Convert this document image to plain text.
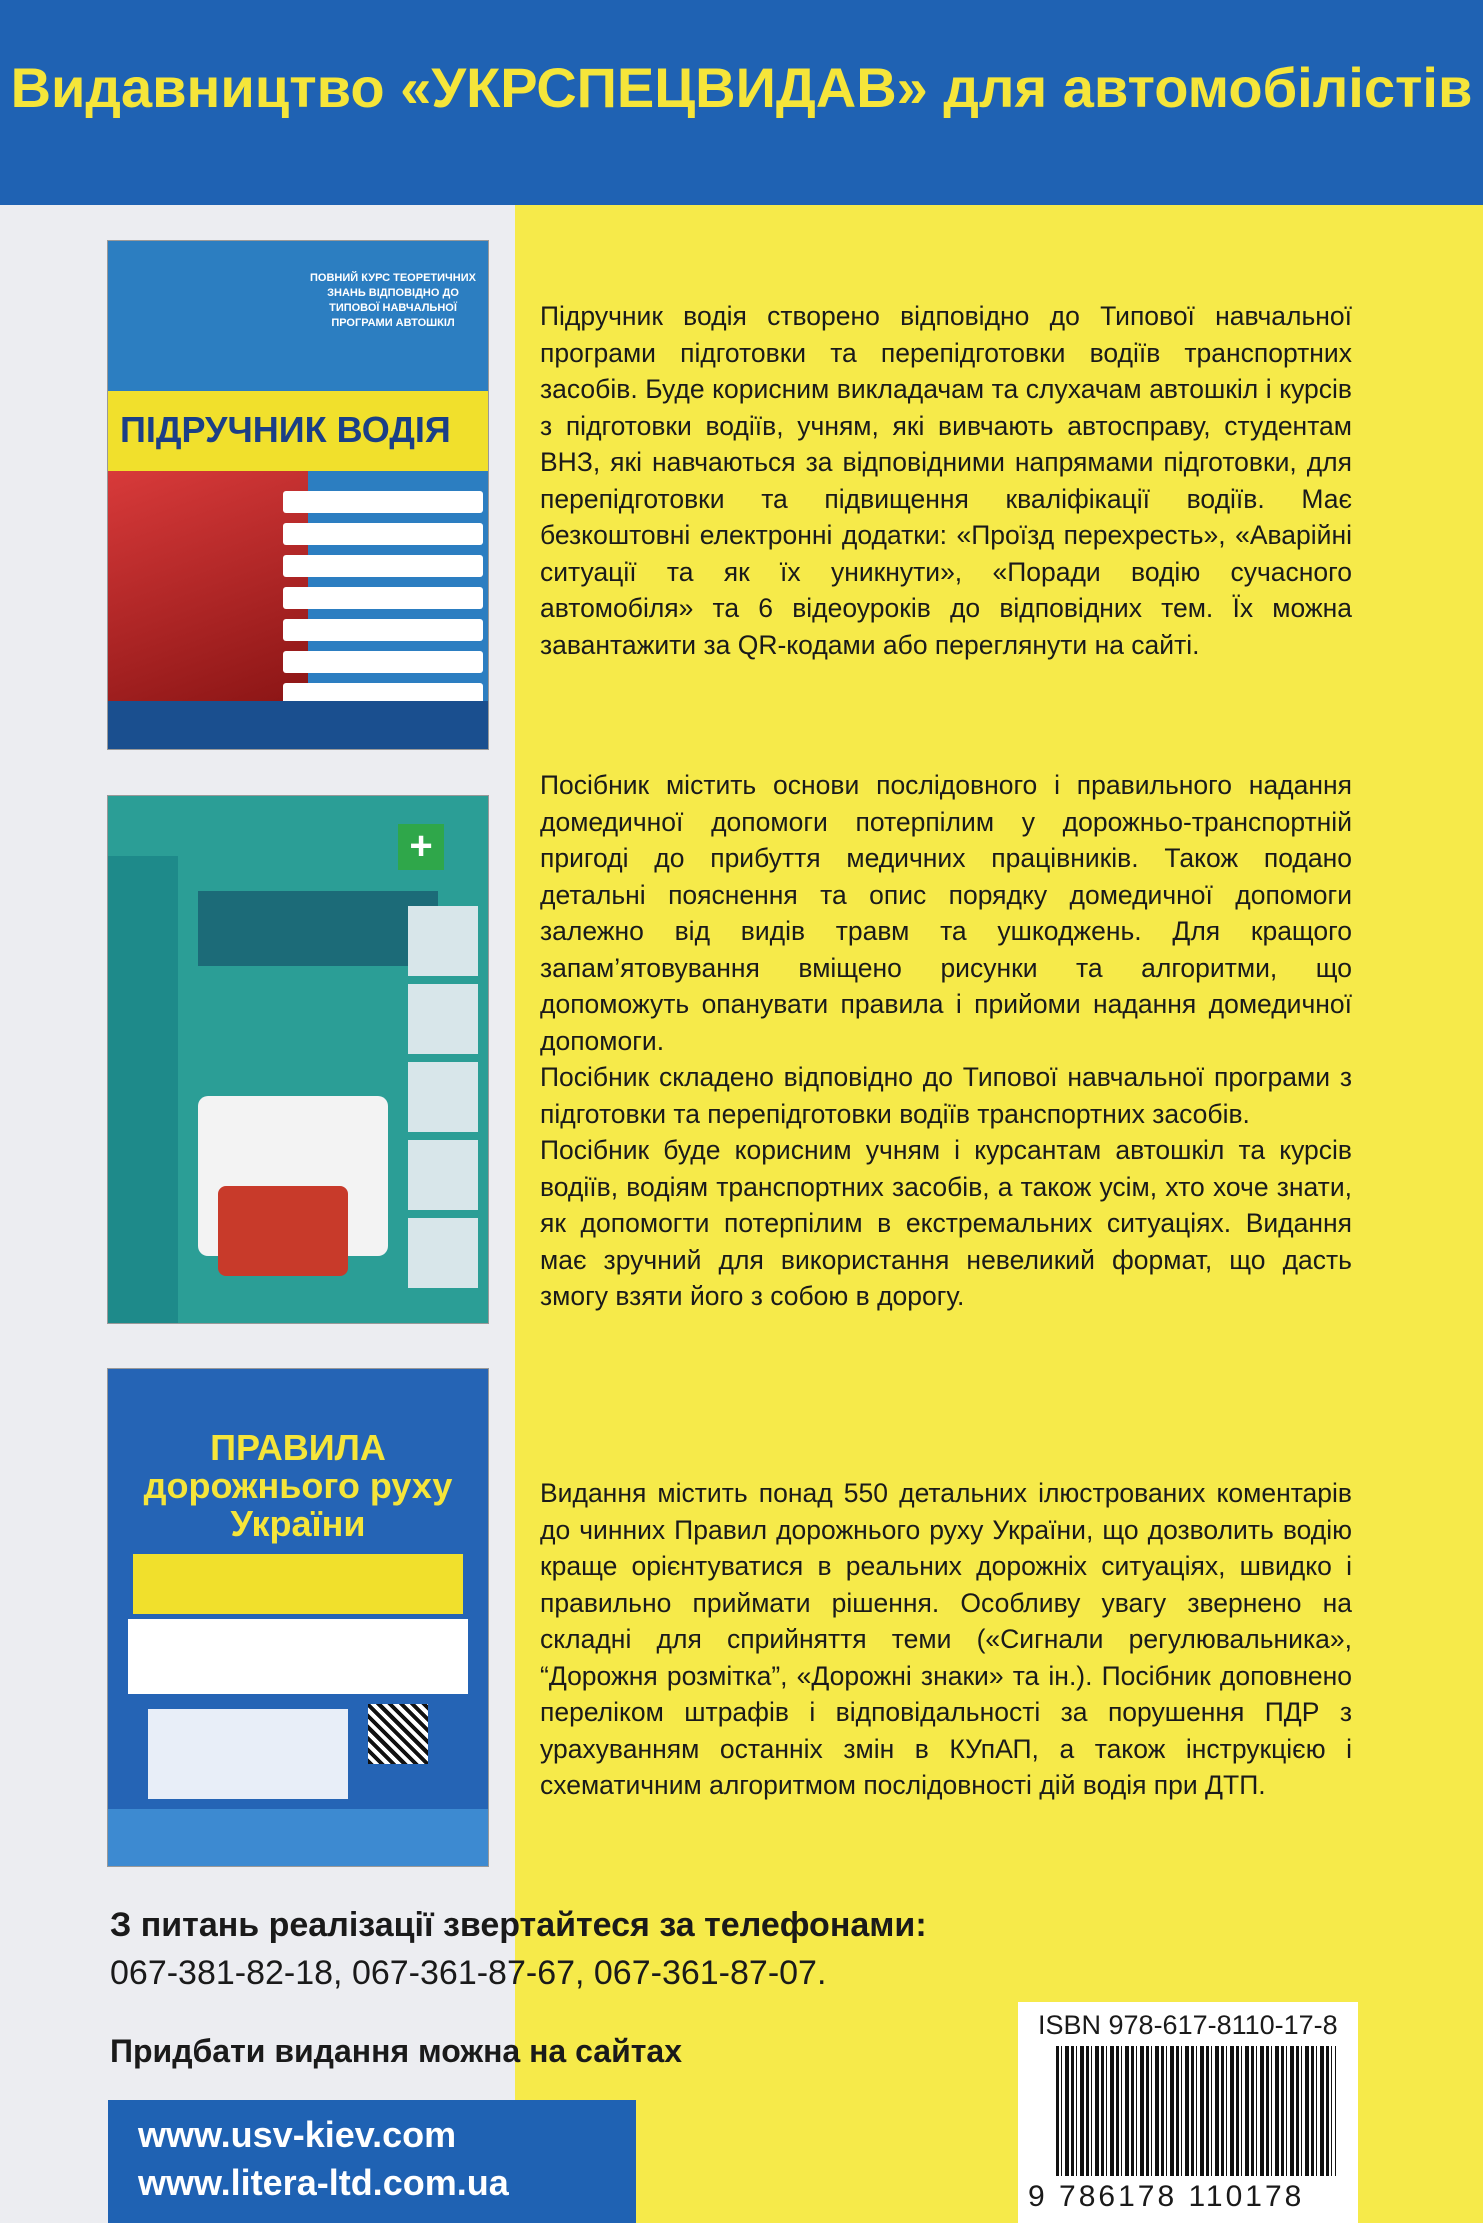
Видавництво «УКРСПЕЦВИДАВ» для автомобілістів
ПОВНИЙ КУРС ТЕОРЕТИЧНИХ ЗНАНЬ ВІДПОВІДНО ДО ТИПОВОЇ НАВЧАЛЬНОЇ ПРОГРАМИ АВТОШКІЛ
ПІДРУЧНИК ВОДІЯ
+
ПРАВИЛА дорожнього руху України

Підручник водія створено відповідно до Типової навчальної програми підготовки та перепідготовки водіїв транспортних засобів. Буде корисним викладачам та слухачам автошкіл і курсів з підготовки водіїв, учням, які вивчають автосправу, студентам ВНЗ, які навчаються за відповідними напрямами підготовки, для перепідготовки та підвищення кваліфікації водіїв. Має безкоштовні електронні додатки: «Проїзд перехресть», «Аварійні ситуації та як їх уникнути», «Поради водію сучасного автомобіля» та 6 відеоуроків до відповідних тем. Їх можна завантажити за QR-кодами або переглянути на сайті.

Посібник містить основи послідовного і правильного надання домедичної допомоги потерпілим у дорожньо-транспортній пригоді до прибуття медичних працівників. Також подано детальні пояснення та опис порядку домедичної допомоги залежно від видів травм та ушкоджень. Для кращого запам’ятовування вміщено рисунки та алгоритми, що допоможуть опанувати правила і прийоми надання домедичної допомоги.

Посібник складено відповідно до Типової навчальної програми з підготовки та перепідготовки водіїв транспортних засобів.

Посібник буде корисним учням і курсантам автошкіл та курсів водіїв, водіям транспортних засобів, а також усім, хто хоче знати, як допомогти потерпілим в екстремальних ситуаціях. Видання має зручний для використання невеликий формат, що дасть змогу взяти його з собою в дорогу.

Видання містить понад 550 детальних ілюстрованих коментарів до чинних Правил дорожнього руху України, що дозволить водію краще орієнтуватися в реальних дорожніх ситуаціях, швидко і правильно приймати рішення. Особливу увагу звернено на складні для сприйняття теми («Сигнали регулювальника», “Дорожня розмітка”, «Дорожні знаки» та ін.). Посібник доповнено переліком штрафів і відповідальності за порушення ПДР з урахуванням останніх змін в КУпАП, а також інструкцією і схематичним алгоритмом послідовності дій водія при ДТП.

З питань реалізації звертайтеся за телефонами:
067-381-82-18, 067-361-87-67, 067-361-87-07.
Придбати видання можна на сайтах
www.usv-kiev.com
www.litera-ltd.com.ua
ISBN 978-617-8110-17-8
9 786178 110178
